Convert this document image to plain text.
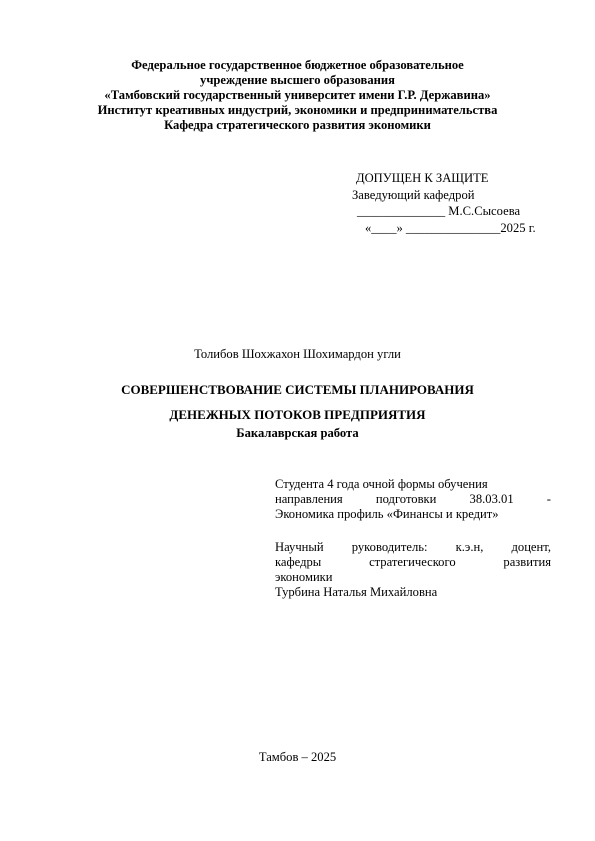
Федеральное государственное бюджетное образовательное
учреждение высшего образования
«Тамбовский государственный университет имени Г.Р. Державина»
Институт креативных индустрий, экономики и предпринимательства
Кафедра стратегического развития экономики
ДОПУЩЕН К ЗАЩИТЕ
Заведующий кафедрой
______________ М.С.Сысоева
«____» _______________2025 г.
Толибов Шохжахон Шохимардон угли
СОВЕРШЕНСТВОВАНИЕ СИСТЕМЫ ПЛАНИРОВАНИЯ
ДЕНЕЖНЫХ ПОТОКОВ ПРЕДПРИЯТИЯ
Бакалаврская работа
Студента 4 года очной формы обучения
направления	подготовки	38.03.01	-
Экономика профиль «Финансы и кредит»
Научный руководитель: к.э.н, доцент,
кафедры	стратегического	развития
экономики
Турбина Наталья Михайловна
Тамбов – 2025
